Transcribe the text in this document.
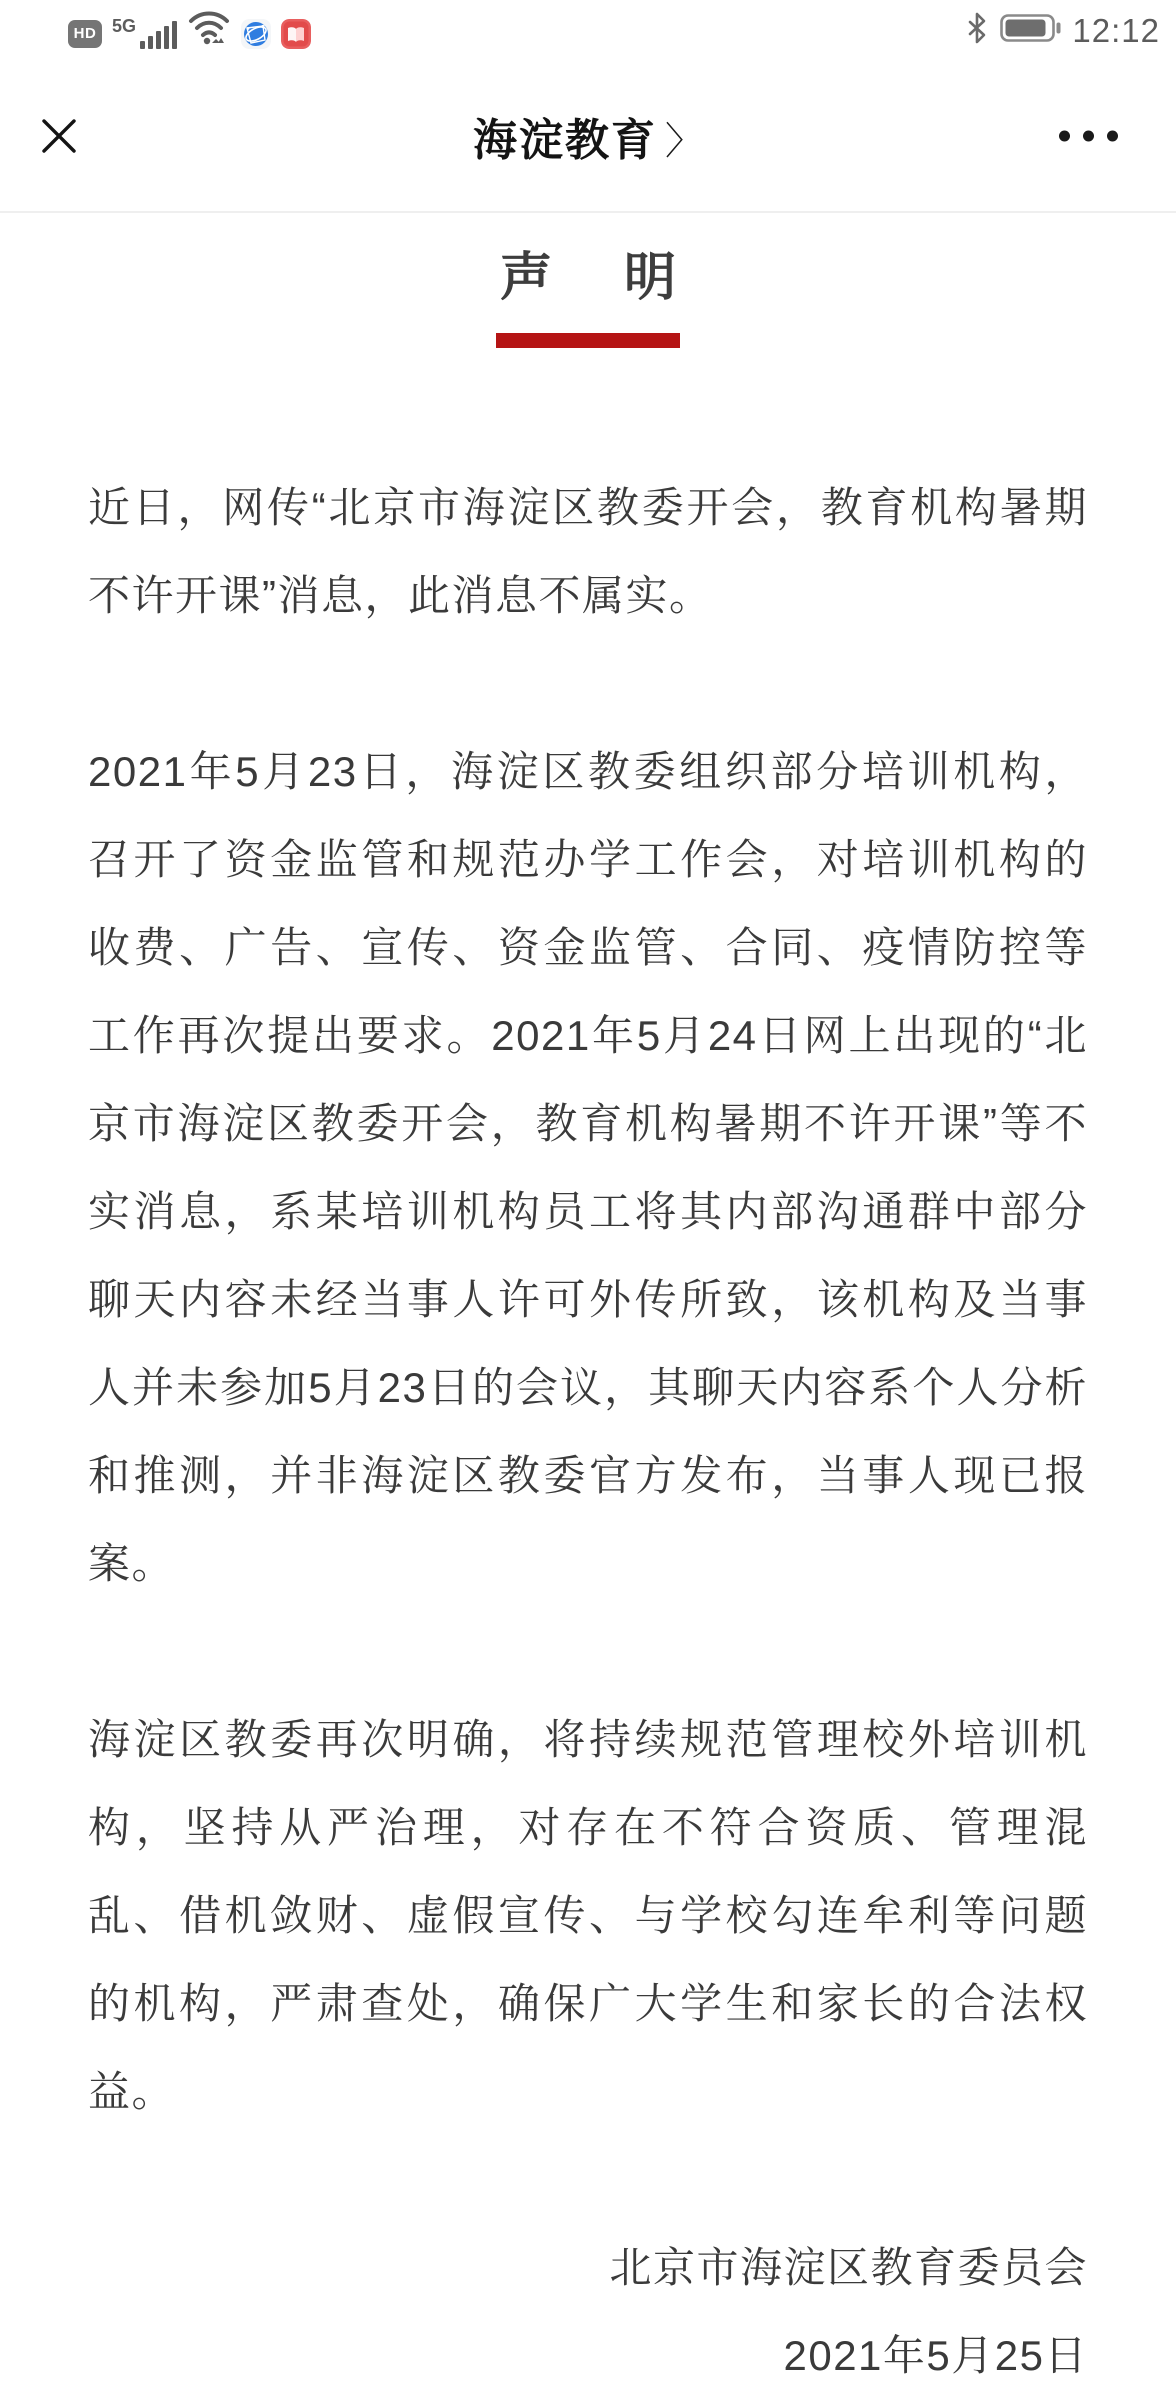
HD 5G	12:12
海淀教育 〉
声 明

近日，网传“北京市海淀区教委开会，教育机构暑期不许开课”消息，此消息不属实。

2021年5月23日，海淀区教委组织部分培训机构，召开了资金监管和规范办学工作会，对培训机构的收费、广告、宣传、资金监管、合同、疫情防控等工作再次提出要求。2021年5月24日网上出现的“北京市海淀区教委开会，教育机构暑期不许开课”等不实消息，系某培训机构员工将其内部沟通群中部分聊天内容未经当事人许可外传所致，该机构及当事人并未参加5月23日的会议，其聊天内容系个人分析和推测，并非海淀区教委官方发布，当事人现已报案。

海淀区教委再次明确，将持续规范管理校外培训机构，坚持从严治理，对存在不符合资质、管理混乱、借机敛财、虚假宣传、与学校勾连牟利等问题的机构，严肃查处，确保广大学生和家长的合法权益。

北京市海淀区教育委员会
2021年5月25日
